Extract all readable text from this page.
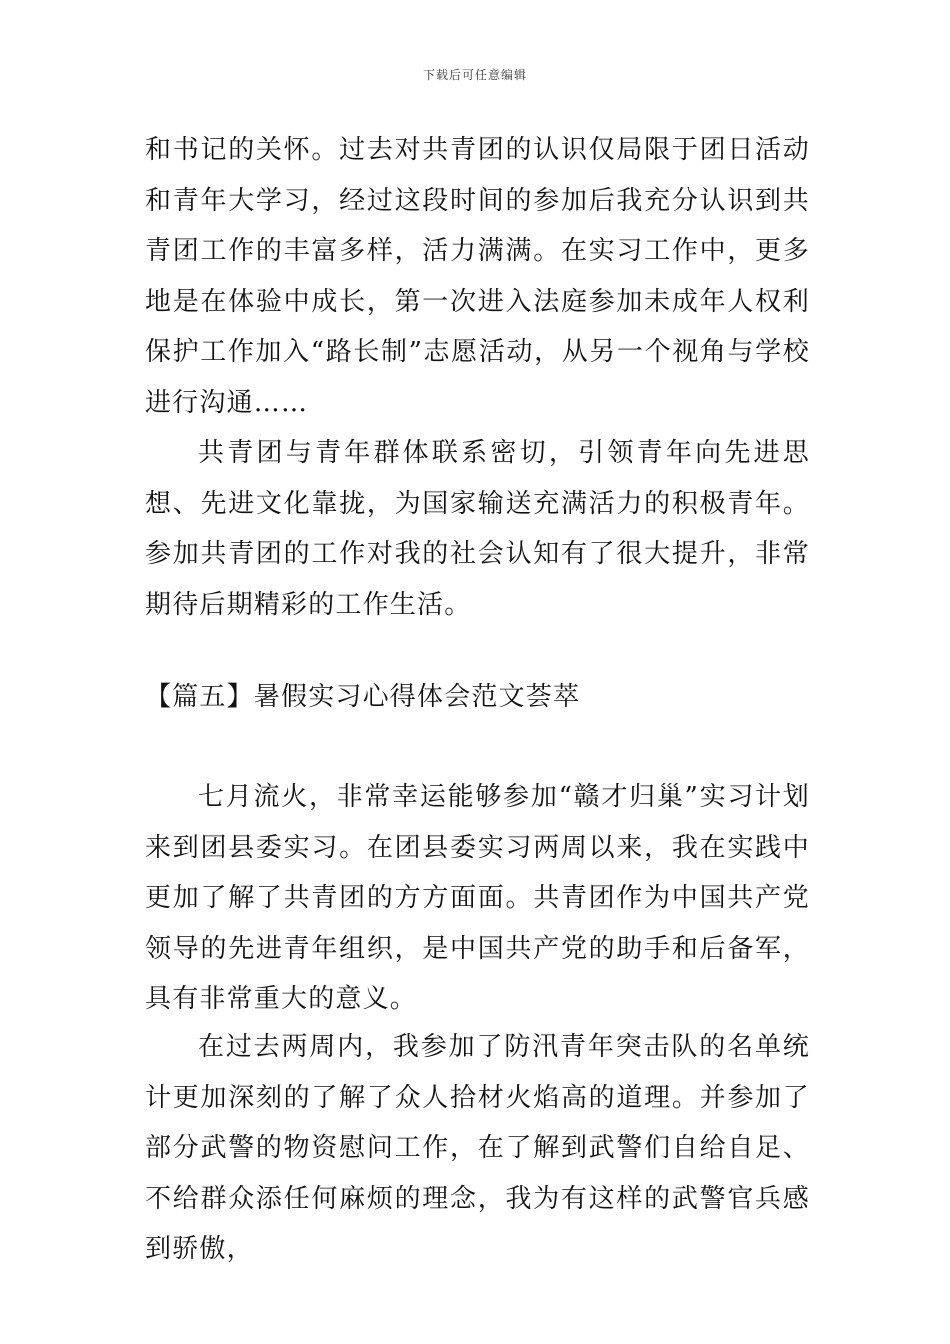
下载后可任意编辑

和书记的关怀。过去对共青团的认识仅局限于团日活动和青年大学习，经过这段时间的参加后我充分认识到共青团工作的丰富多样，活力满满。在实习工作中，更多地是在体验中成长，第一次进入法庭参加未成年人权利保护工作加入“路长制”志愿活动，从另一个视角与学校进行沟通……

共青团与青年群体联系密切，引领青年向先进思想、先进文化靠拢，为国家输送充满活力的积极青年。参加共青团的工作对我的社会认知有了很大提升，非常期待后期精彩的工作生活。

【篇五】暑假实习心得体会范文荟萃

七月流火，非常幸运能够参加“赣才归巢”实习计划来到团县委实习。在团县委实习两周以来，我在实践中更加了解了共青团的方方面面。共青团作为中国共产党领导的先进青年组织，是中国共产党的助手和后备军，具有非常重大的意义。

在过去两周内，我参加了防汛青年突击队的名单统计更加深刻的了解了众人拾材火焰高的道理。并参加了部分武警的物资慰问工作，在了解到武警们自给自足、不给群众添任何麻烦的理念，我为有这样的武警官兵感到骄傲，
